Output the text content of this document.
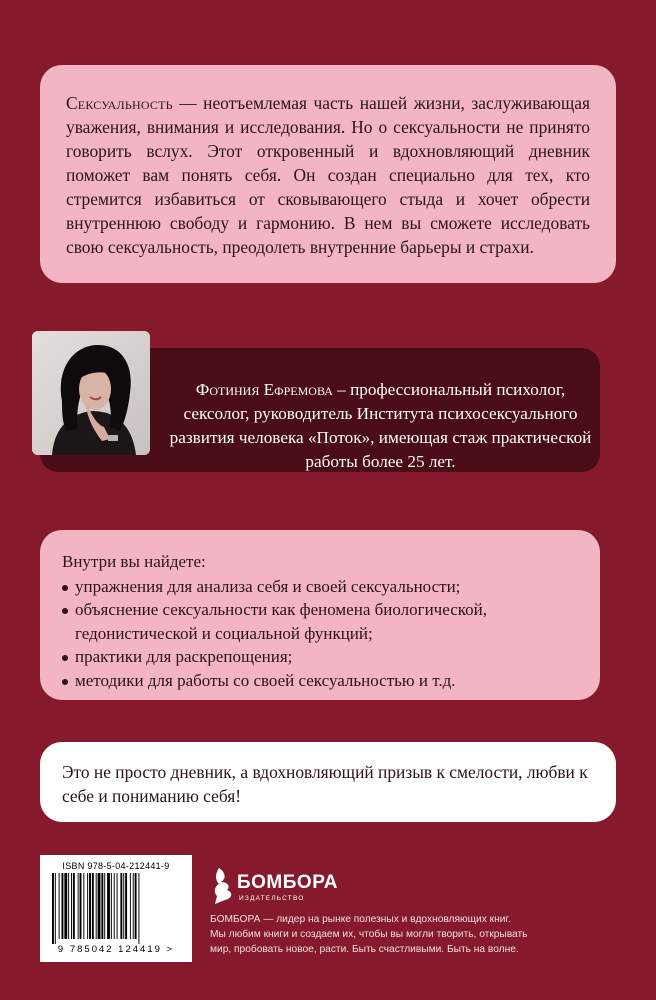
Сексуальность — неотъемлемая часть нашей жизни, заслуживающая уважения, внимания и исследования. Но о сексуальности не принято говорить вслух. Этот откровенный и вдохновляющий дневник поможет вам понять себя. Он создан специально для тех, кто стремится избавиться от сковывающего стыда и хочет обрести внутреннюю свободу и гармонию. В нем вы сможете исследовать свою сексуальность, преодолеть внутренние барьеры и страхи.
Фотиния Ефремова – профессиональный психолог, сексолог, руководитель Института психосексуального развития человека «Поток», имеющая стаж практической работы более 25 лет.
Внутри вы найдете:
упражнения для анализа себя и своей сексуальности;
объяснение сексуальности как феномена биологической, гедонистической и социальной функций;
практики для раскрепощения;
методики для работы со своей сексуальностью и т.д.
Это не просто дневник, а вдохновляющий призыв к смелости, любви к себе и пониманию себя!
ISBN 978-5-04-212441-9
9 785042 124419 >
БОМБОРА
ИЗДАТЕЛЬСТВО
БОМБОРА — лидер на рынке полезных и вдохновляющих книг.
Мы любим книги и создаем их, чтобы вы могли творить, открывать
мир, пробовать новое, расти. Быть счастливыми. Быть на волне.
